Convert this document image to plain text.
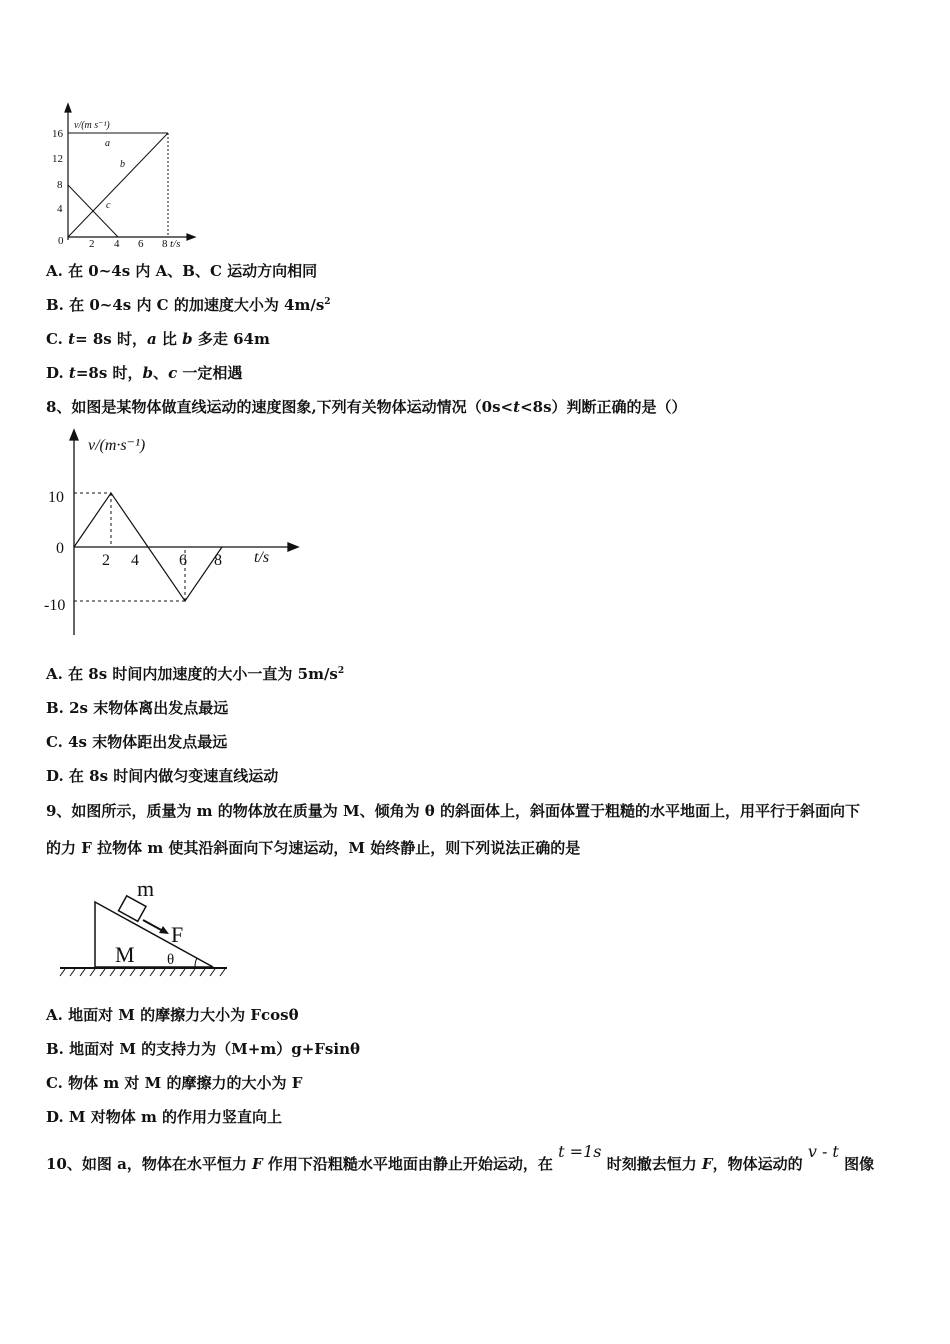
v/(m s⁻¹)
16
12
8
4
0 2 4 6 8 t/s
a
b
c
A. 在 0~4s 内 A、B、C 运动方向相同
B. 在 0~4s 内 C 的加速度大小为 $4m/s^2$
C. t= 8s 时，a 比 b 多走 64m
D. t=8s 时，b、c 一定相遇
8、如图是某物体做直线运动的速度图象,下列有关物体运动情况（0s<t<8s）判断正确的是（）
v/(m·s⁻¹)
10
0
-10
2 4	6 8 t/s
A. 在 8s 时间内加速度的大小一直为 $5m/s^2$
B. 2s 末物体离出发点最远
C. 4s 末物体距出发点最远
D. 在 8s 时间内做匀变速直线运动
9、如图所示，质量为 m 的物体放在质量为 M、倾角为 θ 的斜面体上，斜面体置于粗糙的水平地面上，用平行于斜面向下
的力 F 拉物体 m 使其沿斜面向下匀速运动，M 始终静止，则下列说法正确的是
m
F
M θ
A. 地面对 M 的摩擦力大小为 Fcosθ
B. 地面对 M 的支持力为（M+m）g+Fsinθ
C. 物体 m 对 M 的摩擦力的大小为 F
D. M 对物体 m 的作用力竖直向上
10、如图 a，物体在水平恒力 F 作用下沿粗糙水平地面由静止开始运动，在 t =1s 时刻撤去恒力 F，物体运动的 v - t 图像
